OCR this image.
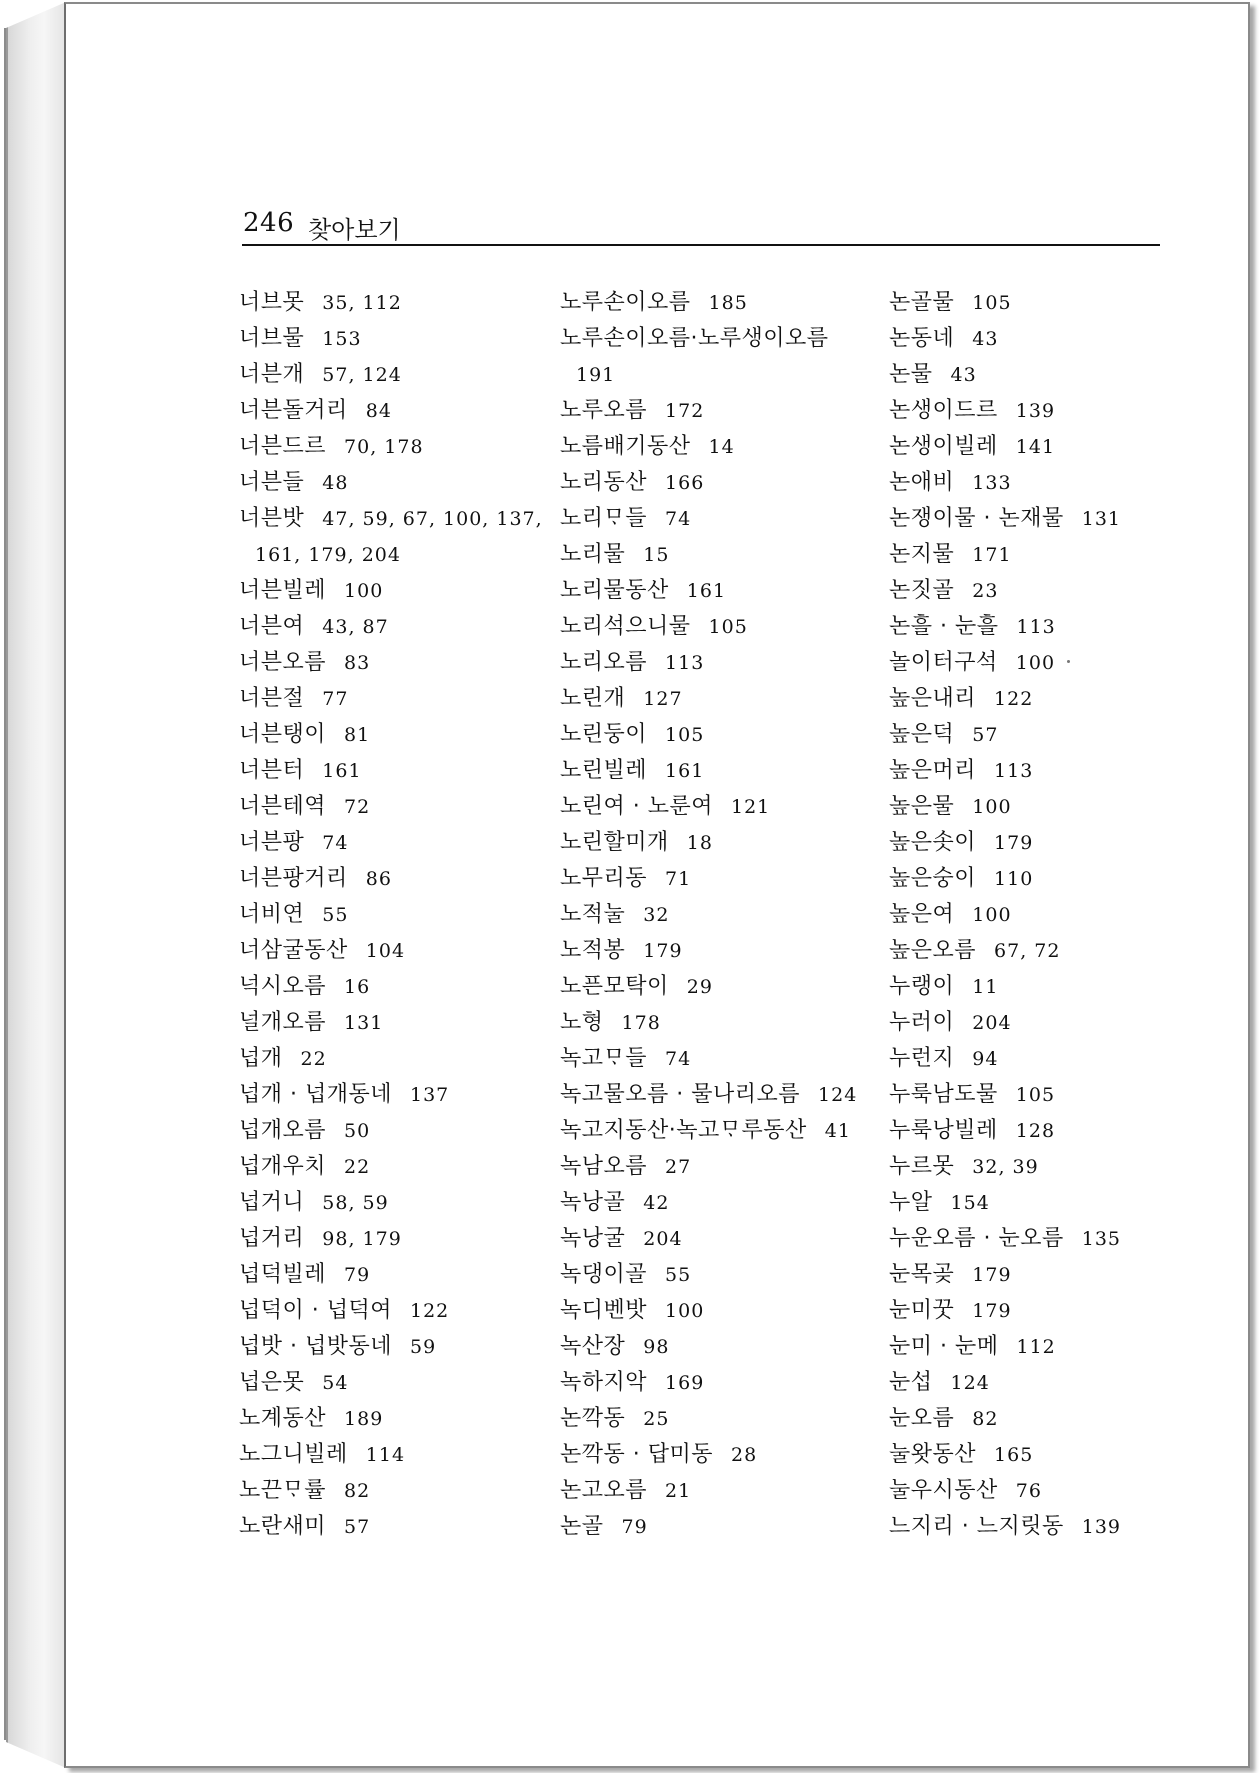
246 찾아보기
너브못 35, 112
너브물 153
너븐개 57, 124
너븐돌거리 84
너븐드르 70, 178
너븐들 48
너븐밧 47, 59, 67, 100, 137,
161, 179, 204
너븐빌레 100
너븐여 43, 87
너븐오름 83
너븐절 77
너븐탱이 81
너븐터 161
너븐테역 72
너븐팡 74
너븐팡거리 86
너비연 55
너삼굴동산 104
넉시오름 16
널개오름 131
넙개 22
넙개 · 넙개동네 137
넙개오름 50
넙개우치 22
넙거니 58, 59
넙거리 98, 179
넙덕빌레 79
넙덕이 · 넙덕여 122
넙밧 · 넙밧동네 59
넙은못 54
노계동산 189
노그니빌레 114
노끈ᄆᆞ률 82
노란새미 57
노루손이오름 185
노루손이오름·노루생이오름
191
노루오름 172
노름배기동산 14
노리동산 166
노리ᄆᆞ들 74
노리물 15
노리물동산 161
노리석으니물 105
노리오름 113
노린개 127
노린둥이 105
노린빌레 161
노린여 · 노룬여 121
노린할미개 18
노무리동 71
노적눌 32
노적봉 179
노픈모탁이 29
노형 178
녹고ᄆᆞ들 74
녹고물오름 · 물나리오름 124
녹고지동산·녹고ᄆᆞ루동산 41
녹남오름 27
녹낭골 42
녹낭굴 204
녹댕이골 55
녹디벤밧 100
녹산장 98
녹하지악 169
논깍동 25
논깍동 · 답미동 28
논고오름 21
논골 79
논골물 105
논동네 43
논물 43
논생이드르 139
논생이빌레 141
논애비 133
논쟁이물 · 논재물 131
논지물 171
논짓골 23
논흘 · 눈흘 113
놀이터구석 100
높은내리 122
높은덕 57
높은머리 113
높은물 100
높은솟이 179
높은숭이 110
높은여 100
높은오름 67, 72
누랭이 11
누러이 204
누런지 94
누룩남도물 105
누룩낭빌레 128
누르못 32, 39
누알 154
누운오름 · 눈오름 135
눈목곶 179
눈미꿋 179
눈미 · 눈메 112
눈섭 124
눈오름 82
눌왓동산 165
눌우시동산 76
느지리 · 느지릿동 139
